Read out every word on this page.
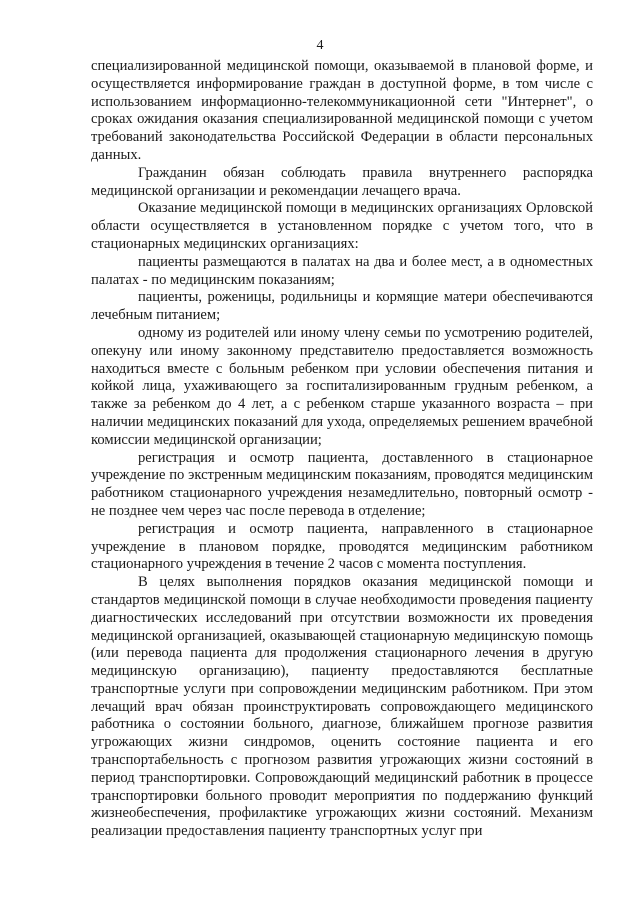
4

специализированной медицинской помощи, оказываемой в плановой форме, и осуществляется информирование граждан в доступной форме, в том числе с использованием информационно-телекоммуникационной сети "Интернет", о сроках ожидания оказания специализированной медицинской помощи с учетом требований законодательства Российской Федерации в области персональных данных.

Гражданин обязан соблюдать правила внутреннего распорядка медицинской организации и рекомендации лечащего врача.

Оказание медицинской помощи в медицинских организациях Орловской области осуществляется в установленном порядке с учетом того, что в стационарных медицинских организациях:

пациенты размещаются в палатах на два и более мест, а в одноместных палатах - по медицинским показаниям;

пациенты, роженицы, родильницы и кормящие матери обеспечиваются лечебным питанием;

одному из родителей или иному члену семьи по усмотрению родителей, опекуну или иному законному представителю предоставляется возможность находиться вместе с больным ребенком при условии обеспечения питания и койкой лица, ухаживающего за госпитализированным грудным ребенком, а также за ребенком до 4 лет, а с ребенком старше указанного возраста – при наличии медицинских показаний для ухода, определяемых решением врачебной комиссии медицинской организации;

регистрация и осмотр пациента, доставленного в стационарное учреждение по экстренным медицинским показаниям, проводятся медицинским работником стационарного учреждения незамедлительно, повторный осмотр - не позднее чем через час после перевода в отделение;

регистрация и осмотр пациента, направленного в стационарное учреждение в плановом порядке, проводятся медицинским работником стационарного учреждения в течение 2 часов с момента поступления.

В целях выполнения порядков оказания медицинской помощи и стандартов медицинской помощи в случае необходимости проведения пациенту диагностических исследований при отсутствии возможности их проведения медицинской организацией, оказывающей стационарную медицинскую помощь (или перевода пациента для продолжения стационарного лечения в другую медицинскую организацию), пациенту предоставляются бесплатные транспортные услуги при сопровождении медицинским работником. При этом лечащий врач обязан проинструктировать сопровождающего медицинского работника о состоянии больного, диагнозе, ближайшем прогнозе развития угрожающих жизни синдромов, оценить состояние пациента и его транспортабельность с прогнозом развития угрожающих жизни состояний в период транспортировки. Сопровождающий медицинский работник в процессе транспортировки больного проводит мероприятия по поддержанию функций жизнеобеспечения, профилактике угрожающих жизни состояний. Механизм реализации предоставления пациенту транспортных услуг при
